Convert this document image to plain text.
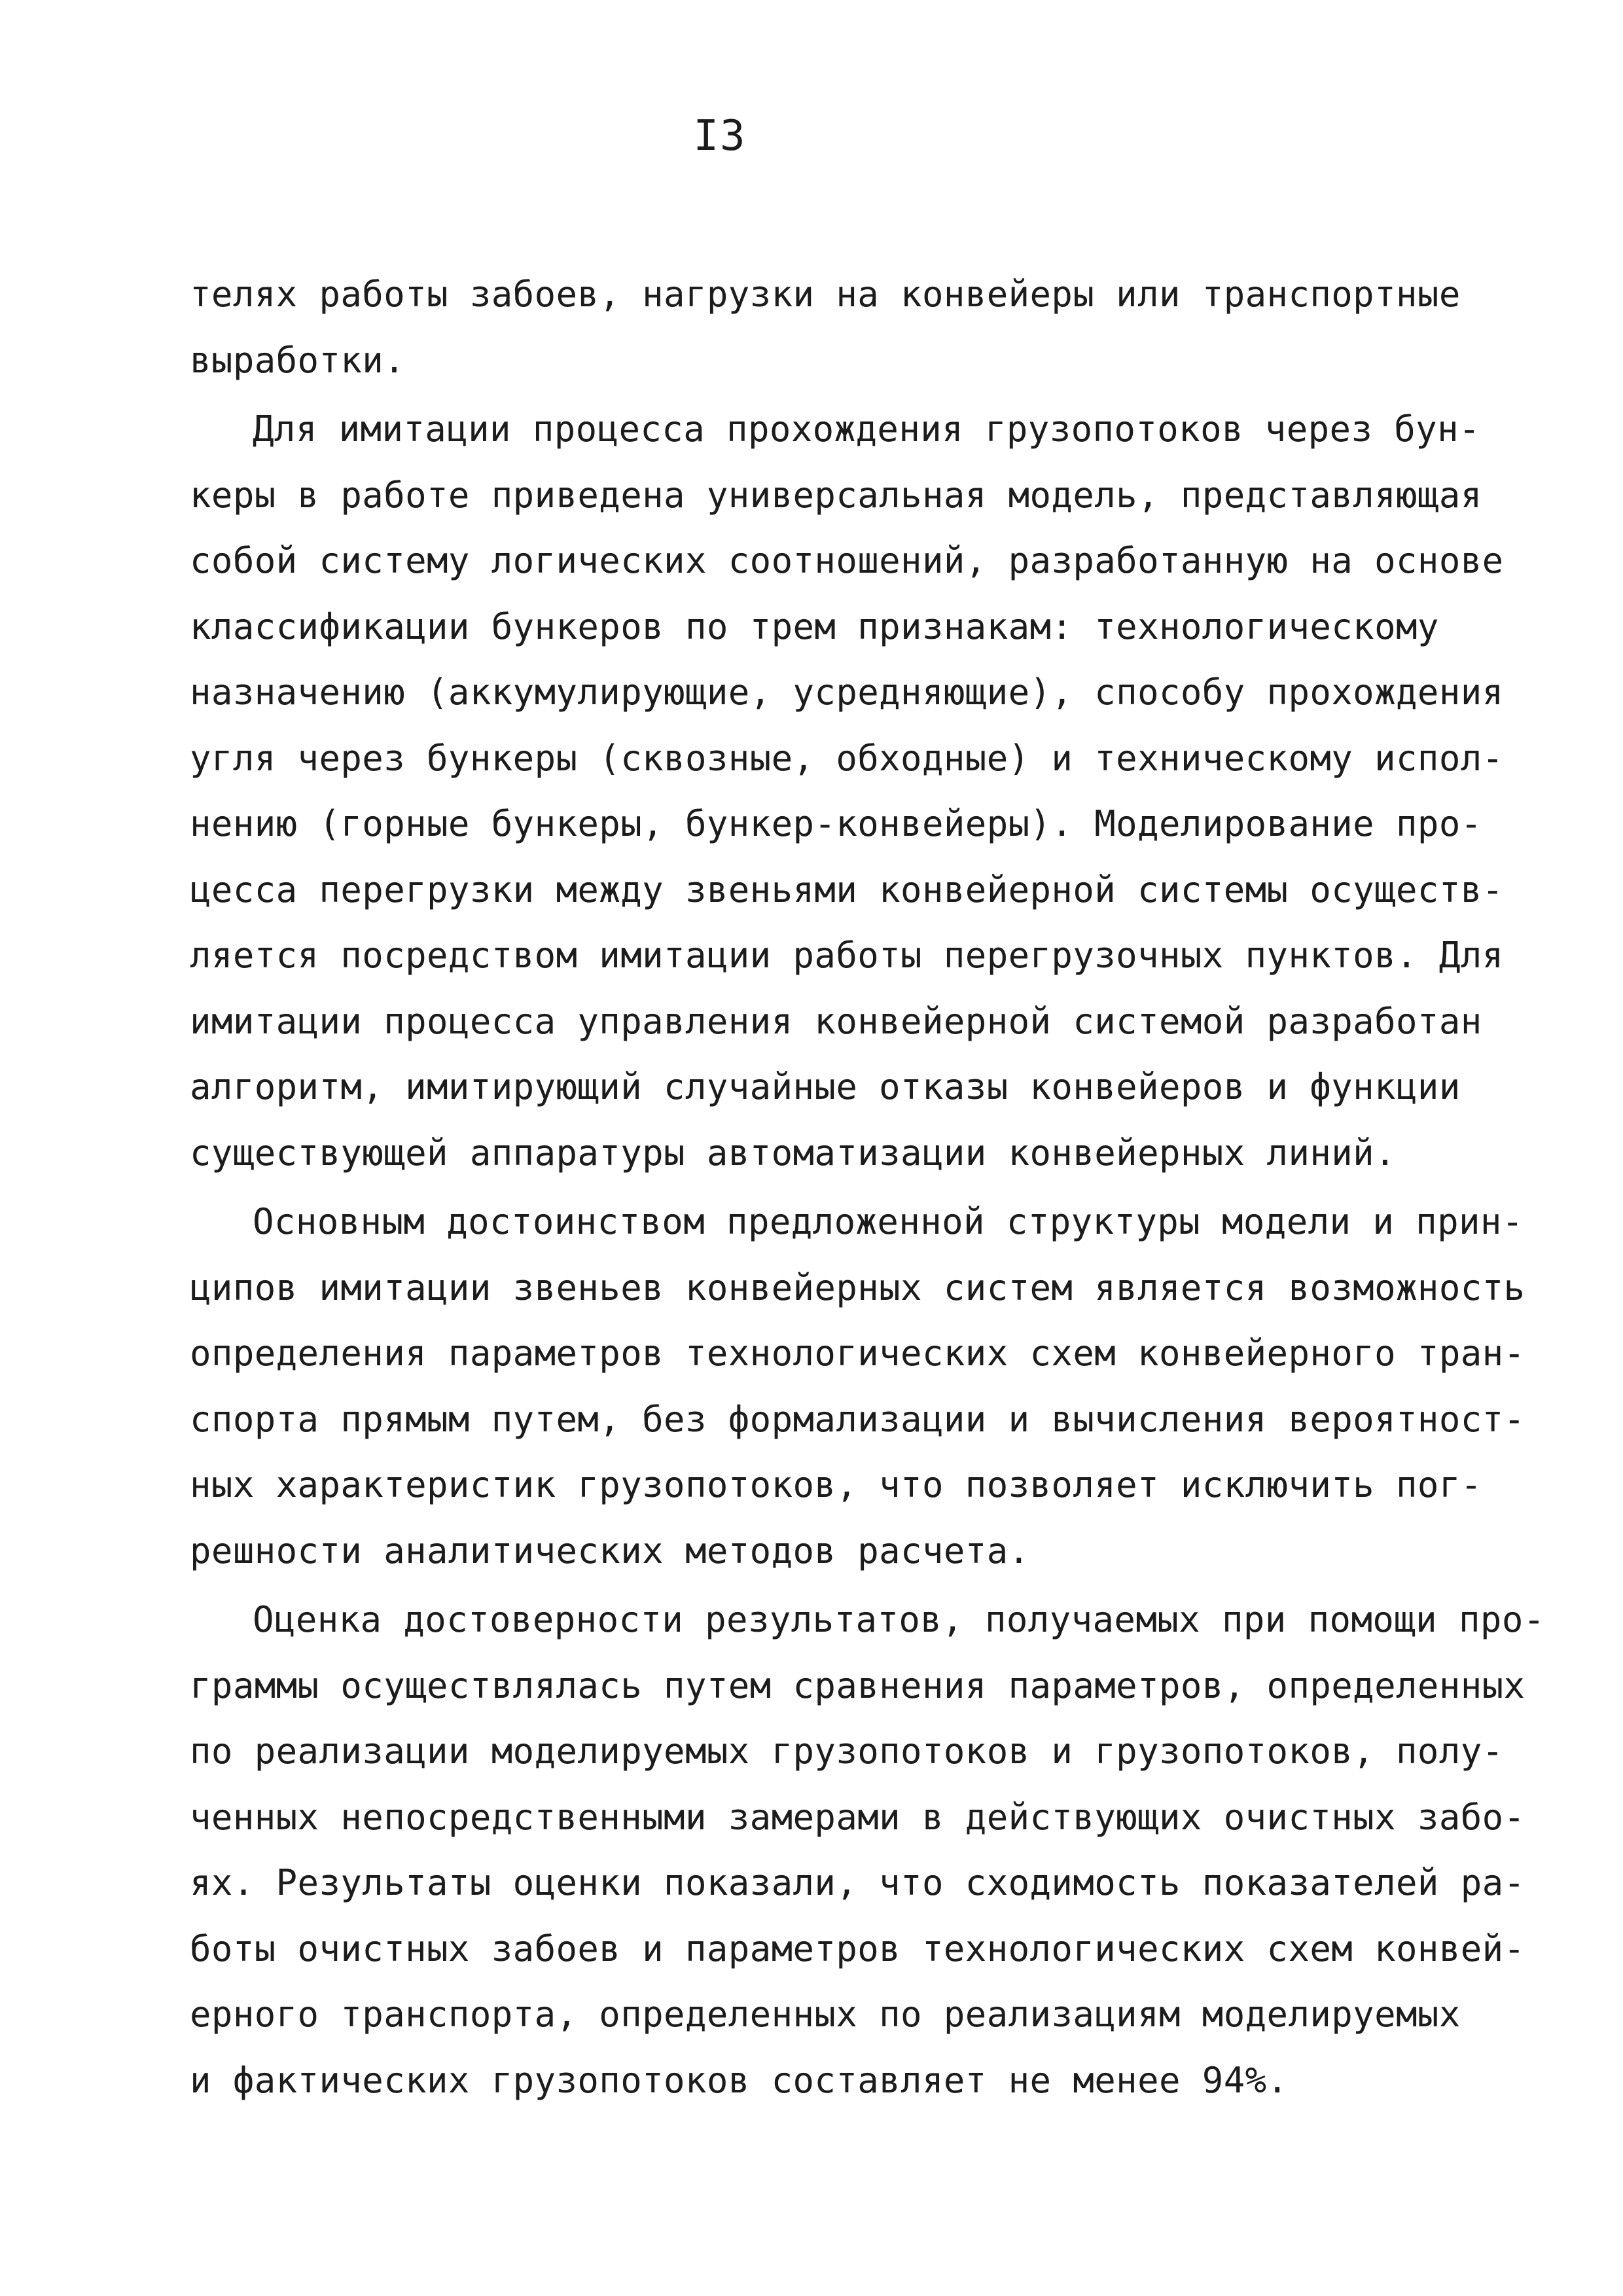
I3
телях работы забоев, нагрузки на конвейеры или транспортные
выработки.
Для имитации процесса прохождения грузопотоков через бун-
керы в работе приведена универсальная модель, представляющая
собой систему логических соотношений, разработанную на основе
классификации бункеров по трем признакам: технологическому
назначению (аккумулирующие, усредняющие), способу прохождения
угля через бункеры (сквозные, обходные) и техническому испол-
нению (горные бункеры, бункер-конвейеры). Моделирование про-
цесса перегрузки между звеньями конвейерной системы осуществ-
ляется посредством имитации работы перегрузочных пунктов. Для
имитации процесса управления конвейерной системой разработан
алгоритм, имитирующий случайные отказы конвейеров и функции
существующей аппаратуры автоматизации конвейерных линий.
Основным достоинством предложенной структуры модели и прин-
ципов имитации звеньев конвейерных систем является возможность
определения параметров технологических схем конвейерного тран-
спорта прямым путем, без формализации и вычисления вероятност-
ных характеристик грузопотоков, что позволяет исключить пог-
решности аналитических методов расчета.
Оценка достоверности результатов, получаемых при помощи про-
граммы осуществлялась путем сравнения параметров, определенных
по реализации моделируемых грузопотоков и грузопотоков, полу-
ченных непосредственными замерами в действующих очистных забо-
ях. Результаты оценки показали, что сходимость показателей ра-
боты очистных забоев и параметров технологических схем конвей-
ерного транспорта, определенных по реализациям моделируемых
и фактических грузопотоков составляет не менее 94%.
